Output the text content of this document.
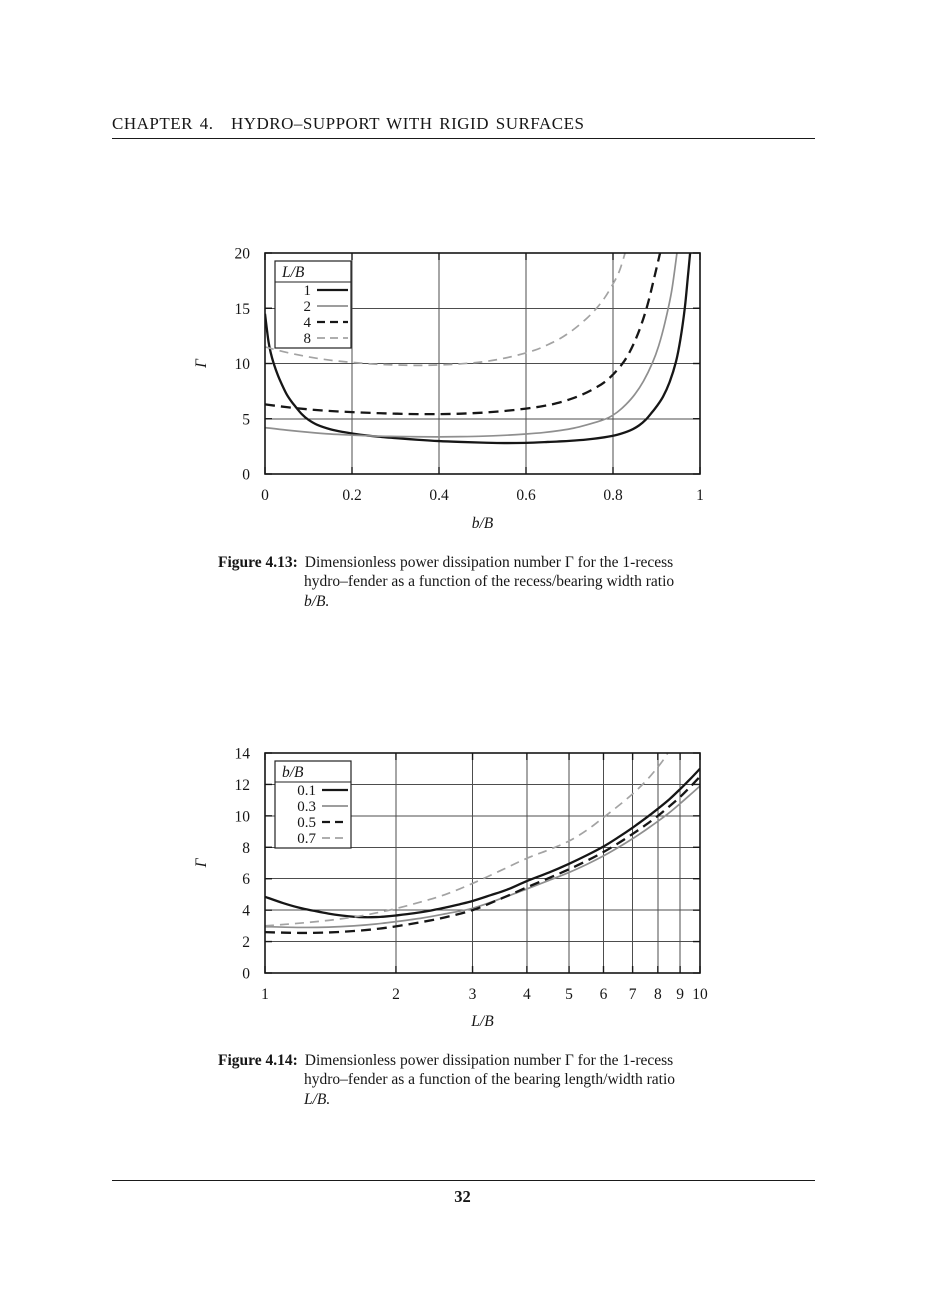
CHAPTER 4. HYDRO–SUPPORT WITH RIGID SURFACES
0	0.2	0.4	0.6	0.8	1
0
5
10
15
20
b/B
Γ
L/B
1
2
4
8
Figure 4.13: Dimensionless power dissipation number Γ for the 1-recess
hydro–fender as a function of the recess/bearing width ratio
b/B.
1	2	3	4 5 6 7 8 9 10
0
2
4
6
8
10
12
14
L/B
Γ
b/B
0.1
0.3
0.5
0.7
Figure 4.14: Dimensionless power dissipation number Γ for the 1-recess
hydro–fender as a function of the bearing length/width ratio
L/B.
32
